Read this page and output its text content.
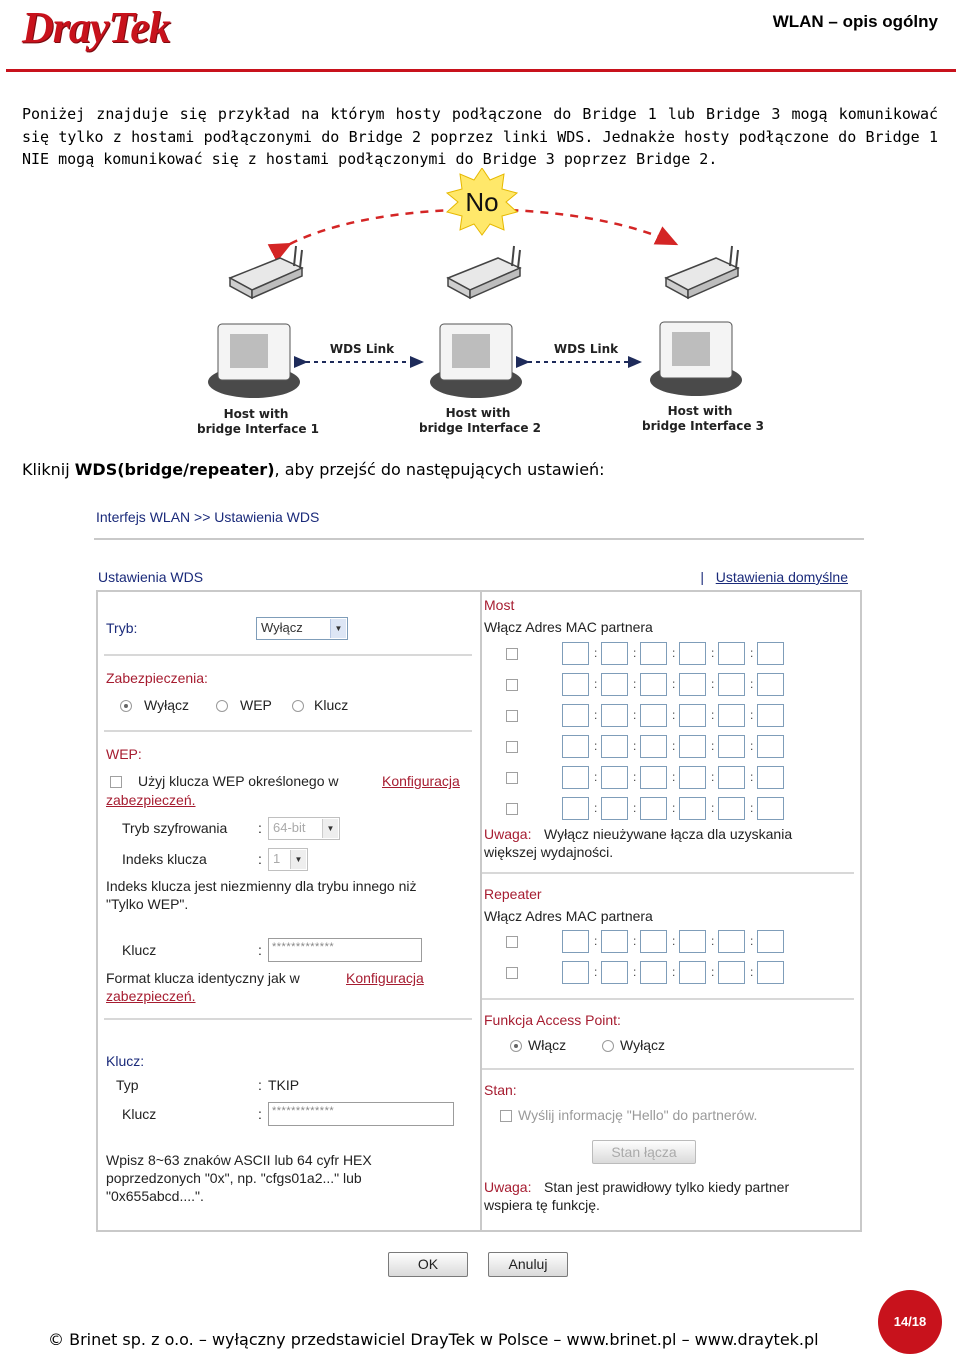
DrayTek	WLAN – opis ogólny

Poniżej znajduje się przykład na którym hosty podłączone do Bridge 1 lub Bridge 3 mogą komunikować się tylko z hostami podłączonymi do Bridge 2 poprzez linki WDS. Jednakże hosty podłączone do Bridge 1 NIE mogą komunikować się z hostami podłączonymi do Bridge 3 poprzez Bridge 2.

No
WDS Link	WDS Link
Host with
bridge Interface 1
Host with
bridge Interface 2
Host with
bridge Interface 3
Kliknij WDS(bridge/repeater), aby przejść do następujących ustawień:
Interfejs WLAN >> Ustawienia WDS
Ustawienia WDS	| Ustawienia domyślne
Tryb:	Wyłącz	▼
Zabezpieczenia:
Wyłącz	WEP	Klucz
WEP:
Użyj klucza WEP określonego w	Konfiguracja
zabezpieczeń.
Tryb szyfrowania : 64-bit	▼
Indeks klucza	: 1	▼
Indeks klucza jest niezmienny dla trybu innego niż
"Tylko WEP".
Klucz	: *************
Format klucza identyczny jak w	Konfiguracja
zabezpieczeń.
Klucz:
Typ	: TKIP
Klucz	: *************
Wpisz 8~63 znaków ASCII lub 64 cyfr HEX
poprzedzonych "0x", np. "cfgs01a2..." lub
"0x655abcd....".
Most
Włącz Adres MAC partnera
:	:	:	:	:
:	:	:	:	:
:	:	:	:	:
:	:	:	:	:
:	:	:	:	:
:	:	:	:	:
Uwaga: Wyłącz nieużywane łącza dla uzyskania
większej wydajności.
Repeater
Włącz Adres MAC partnera
:	:	:	:	:
:	:	:	:	:
Funkcja Access Point:
Włącz	Wyłącz
Stan:
Wyślij informację "Hello" do partnerów.
Stan łącza
Uwaga: Stan jest prawidłowy tylko kiedy partner
wspiera tę funkcję.
OK	Anuluj
© Brinet sp. z o.o. – wyłączny przedstawiciel DrayTek w Polsce – www.brinet.pl – www.draytek.pl
14/18
